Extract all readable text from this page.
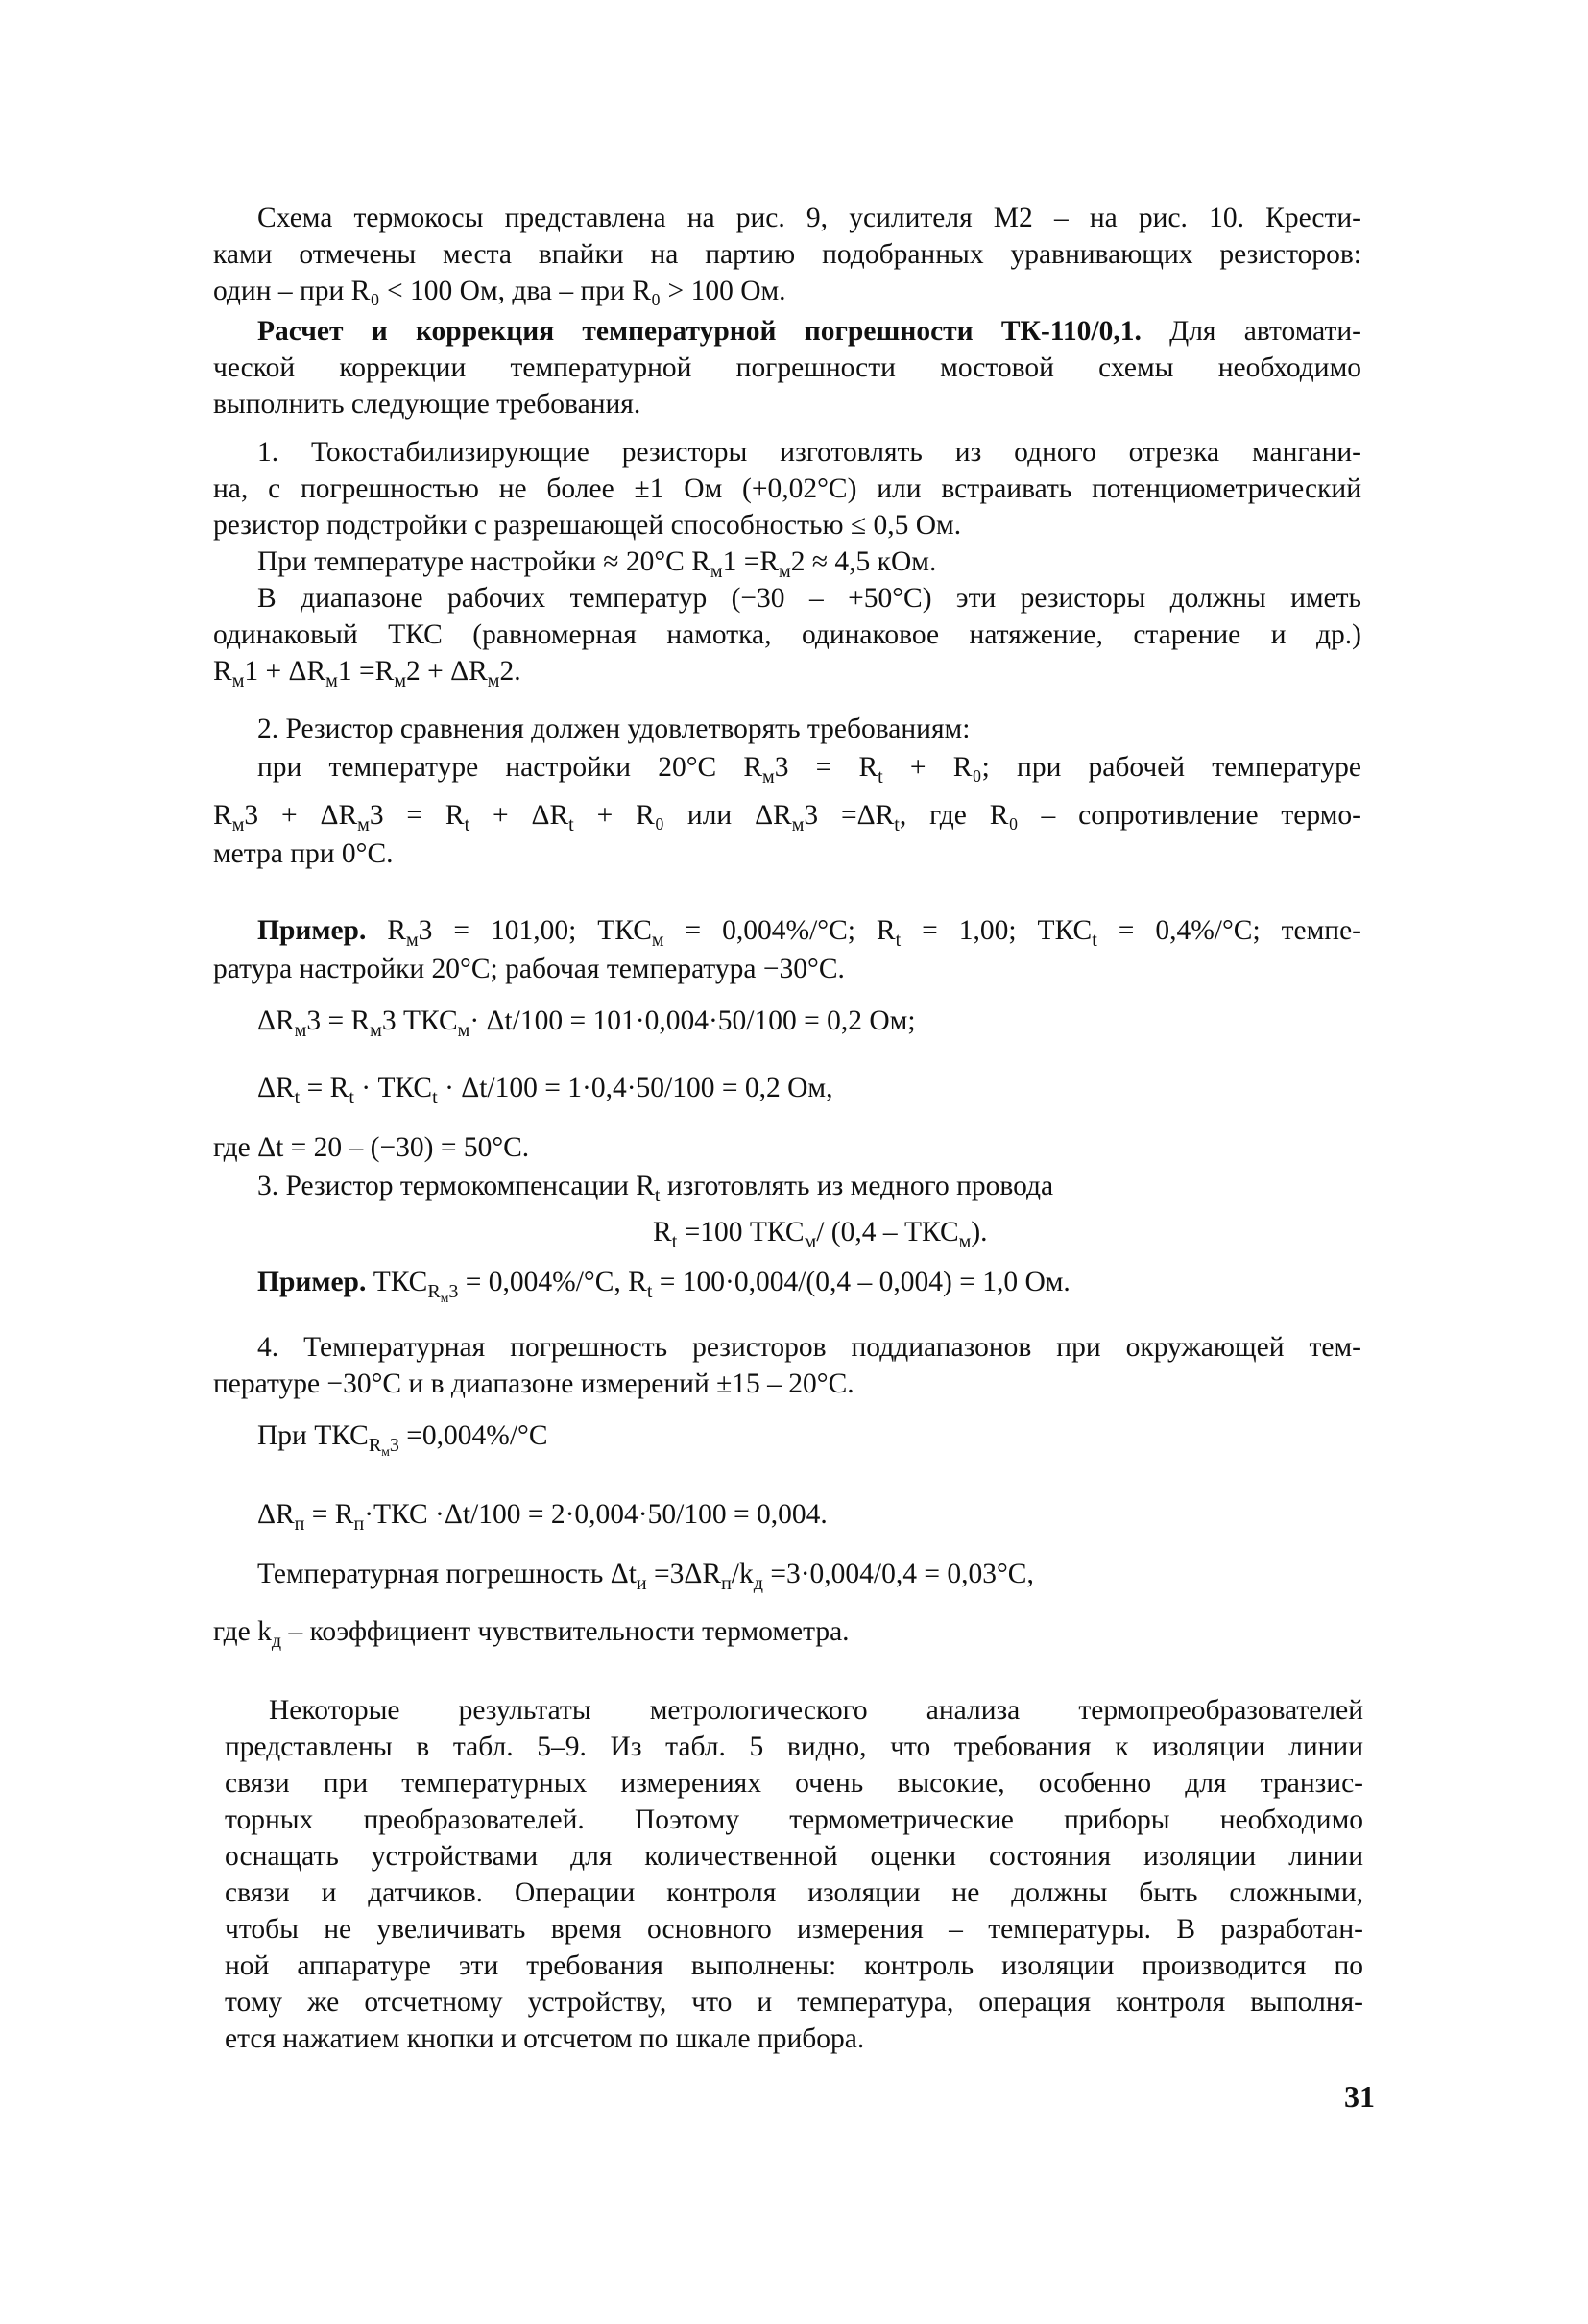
Схема термокосы представлена на рис. 9, усилителя М2 – на рис. 10. Крести-
ками отмечены места впайки на партию подобранных уравнивающих резисторов:
один – при R₀ < 100 Ом, два – при R₀ > 100 Ом.
Расчет и коррекция температурной погрешности ТК-110/0,1. Для автомати-
ческой коррекции температурной погрешности мостовой схемы необходимо
выполнить следующие требования.
1. Токостабилизирующие резисторы изготовлять из одного отрезка мангани-
на, с погрешностью не более ±1 Ом (+0,02°С) или встраивать потенциометрический
резистор подстройки с разрешающей способностью ≤ 0,5 Ом.
При температуре настройки ≈ 20°С $R_м1 =R_м2 \approx 4,5$ кОм.
В диапазоне рабочих температур (−30 – +50°С) эти резисторы должны иметь
одинаковый ТКС (равномерная намотка, одинаковое натяжение, старение и др.)
$R_м1 + \Delta R_м1 =R_м2 + \Delta R_м2$.
2. Резистор сравнения должен удовлетворять требованиям:
при температуре настройки 20°С $R_м3 = R_t + R_0$; при рабочей температуре
$R_м3 + \Delta R_м3 = R_t + \Delta R_t + R_0$ или $\Delta R_м3 =\Delta R_t$, где R₀ – сопротивление термо-
метра при 0°С.
Пример. $R_м3 = 101,00$; $ТКС_м = 0,004\%/^\circ С$; $R_t = 1,00$; $ТКС_t = 0,4\%/^\circ С$; темпе-
ратура настройки 20°С; рабочая температура −30°С.
$\Delta R_м3 = R_м3$ $ТКС_м\cdot \Delta t/100 = 101\cdot 0,004\cdot 50/100 = 0,2$ Ом;
$\Delta R_t = R_t \cdot ТКС_t \cdot \Delta t/100 = 1\cdot 0,4\cdot 50/100 = 0,2$ Ом,
где Δt = 20 – (−30) = 50°С.
3. Резистор термокомпенсации $R_t$ изготовлять из медного провода
$R_t =100$ $ТКС_м/$ $(0,4 - ТКС_м)$.
Пример. $ТКС_{R_м3} = 0,004\%/^\circ С$, $R_t = 100\cdot 0,004/(0,4 - 0,004) = 1,0$ Ом.
4. Температурная погрешность резисторов поддиапазонов при окружающей тем-
пературе −30°С и в диапазоне измерений ±15 – 20°С.
При $ТКС_{R_м3} =0,004\%/^\circ С$
$\Delta R_п = R_п\cdot ТКС \cdot\Delta t/100 = 2\cdot 0,004\cdot 50/100 = 0,004$.
Температурная погрешность $\Delta t_и =3\Delta R_п/k_д =3\cdot 0,004/0,4 = 0,03^\circ С$,
где $k_д$ – коэффициент чувствительности термометра.
Некоторые результаты метрологического анализа термопреобразователей
представлены в табл. 5–9. Из табл. 5 видно, что требования к изоляции линии
связи при температурных измерениях очень высокие, особенно для транзис-
торных преобразователей. Поэтому термометрические приборы необходимо
оснащать устройствами для количественной оценки состояния изоляции линии
связи и датчиков. Операции контроля изоляции не должны быть сложными,
чтобы не увеличивать время основного измерения – температуры. В разработан-
ной аппаратуре эти требования выполнены: контроль изоляции производится по
тому же отсчетному устройству, что и температура, операция контроля выполня-
ется нажатием кнопки и отсчетом по шкале прибора.
31
